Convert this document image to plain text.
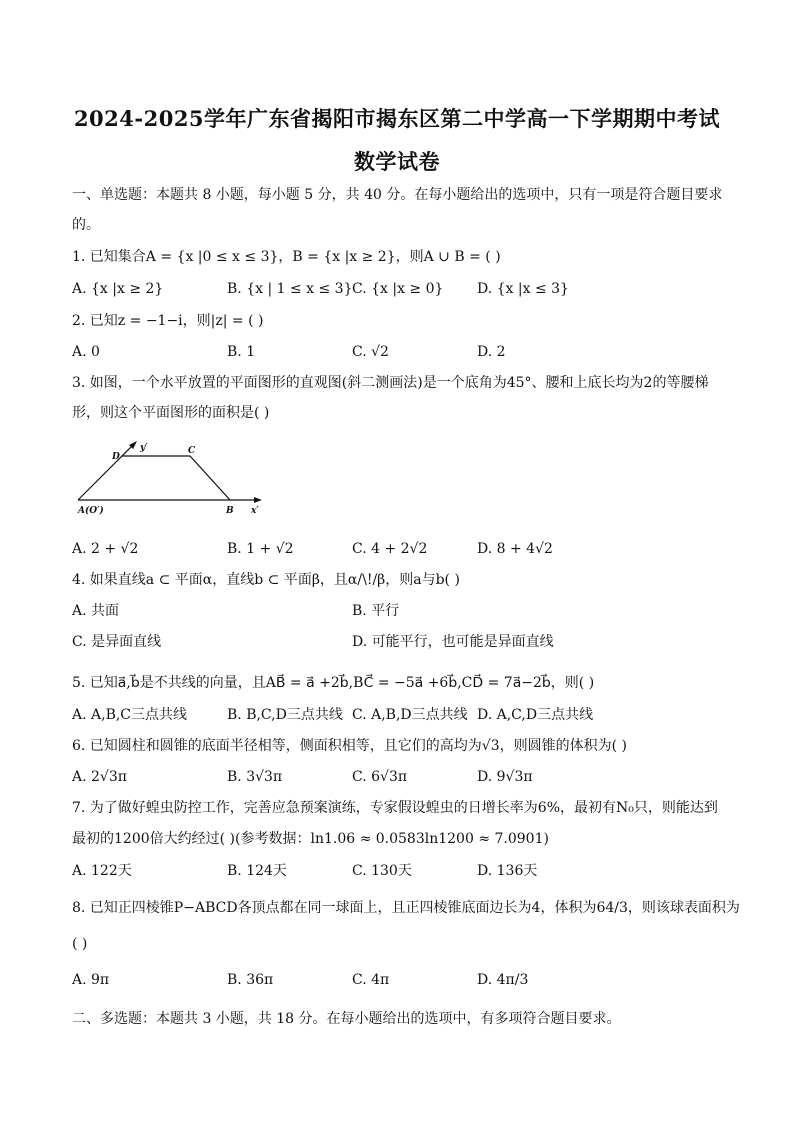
2024-2025学年广东省揭阳市揭东区第二中学高一下学期期中考试
数学试卷
一、单选题：本题共 8 小题，每小题 5 分，共 40 分。在每小题给出的选项中，只有一项是符合题目要求
的。
1. 已知集合A = {x |0 ≤ x ≤ 3}，B = {x |x ≥ 2}，则A ∪ B = ( )
A. {x |x ≥ 2}	B. {x | 1 ≤ x ≤ 3} C. {x |x ≥ 0} D. {x |x ≤ 3}
2. 已知z = −1−i，则|z| = ( )
A. 0	B. 1	C. √2	D. 2
3. 如图，一个水平放置的平面图形的直观图(斜二测画法)是一个底角为45°、腰和上底长均为2的等腰梯
形，则这个平面图形的面积是( )
D
C
y′
x′
A(O′)	B
A. 2 + √2	B. 1 + √2	C. 4 + 2√2	D. 8 + 4√2
4. 如果直线a ⊂ 平面α，直线b ⊂ 平面β，且α/\!/β，则a与b( )
A. 共面	B. 平行
C. 是异面直线	D. 可能平行，也可能是异面直线
5. 已知a⃗,b⃗是不共线的向量，且AB⃗ = a⃗ +2b⃗,BC⃗ = −5a⃗ +6b⃗,CD⃗ = 7a⃗−2b⃗，则( )
A. A,B,C三点共线	B. B,C,D三点共线 C. A,B,D三点共线 D. A,C,D三点共线
6. 已知圆柱和圆锥的底面半径相等，侧面积相等，且它们的高均为√3，则圆锥的体积为( )
A. 2√3π	B. 3√3π	C. 6√3π	D. 9√3π
7. 为了做好蝗虫防控工作，完善应急预案演练，专家假设蝗虫的日增长率为6%，最初有N₀只，则能达到
最初的1200倍大约经过( )(参考数据：ln1.06 ≈ 0.0583ln1200 ≈ 7.0901)
A. 122天	B. 124天	C. 130天	D. 136天
8. 已知正四棱锥P−ABCD各顶点都在同一球面上，且正四棱锥底面边长为4，体积为64/3，则该球表面积为
( )
A. 9π	B. 36π	C. 4π	D. 4π/3
二、多选题：本题共 3 小题，共 18 分。在每小题给出的选项中，有多项符合题目要求。
